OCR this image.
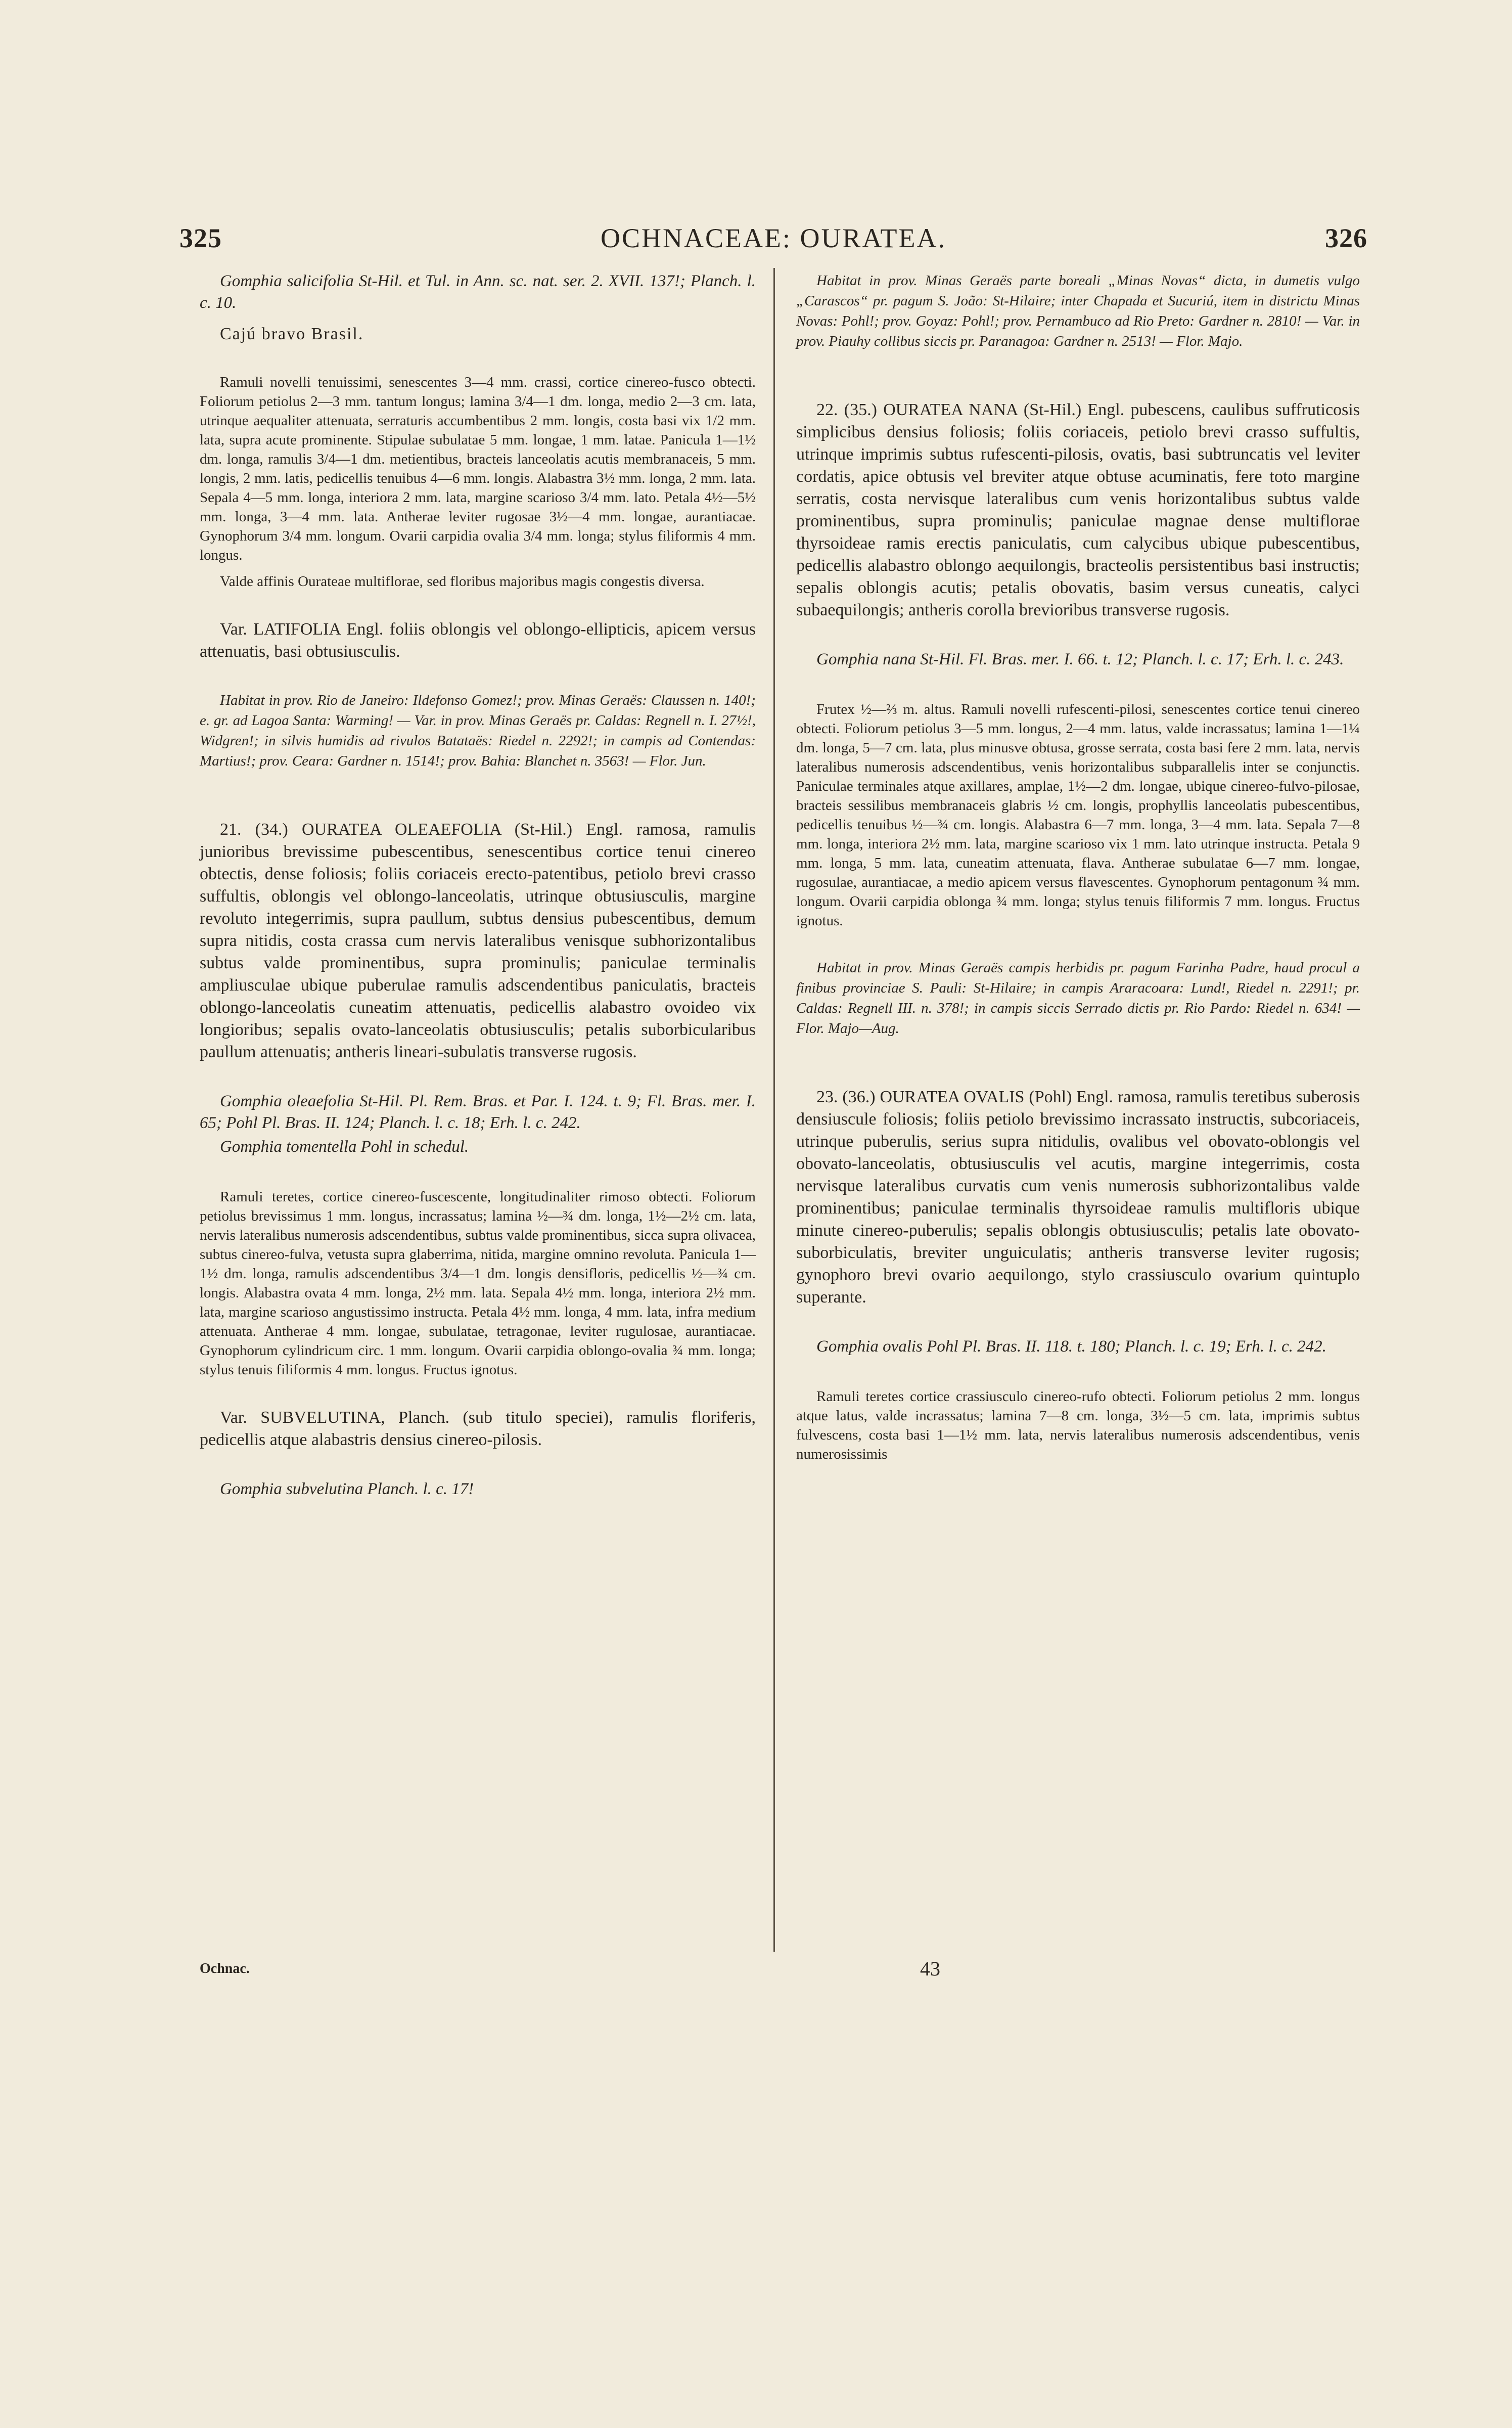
325	OCHNACEAE: OURATEA.	326

Gomphia salicifolia St-Hil. et Tul. in Ann. sc. nat. ser. 2. XVII. 137!; Planch. l. c. 10.

Cajú bravo Brasil.

Ramuli novelli tenuissimi, senescentes 3—4 mm. crassi, cortice cinereo-fusco obtecti. Foliorum petiolus 2—3 mm. tantum longus; lamina 3/4—1 dm. longa, medio 2—3 cm. lata, utrinque aequaliter attenuata, serraturis accumbentibus 2 mm. longis, costa basi vix 1/2 mm. lata, supra acute prominente. Stipulae subulatae 5 mm. longae, 1 mm. latae. Panicula 1—1½ dm. longa, ramulis 3/4—1 dm. metientibus, bracteis lanceolatis acutis membranaceis, 5 mm. longis, 2 mm. latis, pedicellis tenuibus 4—6 mm. longis. Alabastra 3½ mm. longa, 2 mm. lata. Sepala 4—5 mm. longa, interiora 2 mm. lata, margine scarioso 3/4 mm. lato. Petala 4½—5½ mm. longa, 3—4 mm. lata. Antherae leviter rugosae 3½—4 mm. longae, aurantiacae. Gynophorum 3/4 mm. longum. Ovarii carpidia ovalia 3/4 mm. longa; stylus filiformis 4 mm. longus.

Valde affinis Ourateae multiflorae, sed floribus majoribus magis congestis diversa.

Var. LATIFOLIA Engl. foliis oblongis vel oblongo-ellipticis, apicem versus attenuatis, basi obtusiusculis.

Habitat in prov. Rio de Janeiro: Ildefonso Gomez!; prov. Minas Geraës: Claussen n. 140!; e. gr. ad Lagoa Santa: Warming! — Var. in prov. Minas Geraës pr. Caldas: Regnell n. I. 27½!, Widgren!; in silvis humidis ad rivulos Batataës: Riedel n. 2292!; in campis ad Contendas: Martius!; prov. Ceara: Gardner n. 1514!; prov. Bahia: Blanchet n. 3563! — Flor. Jun.

21. (34.) OURATEA OLEAEFOLIA (St-Hil.) Engl. ramosa, ramulis junioribus brevissime pubescentibus, senescentibus cortice tenui cinereo obtectis, dense foliosis; foliis coriaceis erecto-patentibus, petiolo brevi crasso suffultis, oblongis vel oblongo-lanceolatis, utrinque obtusiusculis, margine revoluto integerrimis, supra paullum, subtus densius pubescentibus, demum supra nitidis, costa crassa cum nervis lateralibus venisque subhorizontalibus subtus valde prominentibus, supra prominulis; paniculae terminalis ampliusculae ubique puberulae ramulis adscendentibus paniculatis, bracteis oblongo-lanceolatis cuneatim attenuatis, pedicellis alabastro ovoideo vix longioribus; sepalis ovato-lanceolatis obtusiusculis; petalis suborbicularibus paullum attenuatis; antheris lineari-subulatis transverse rugosis.

Gomphia oleaefolia St-Hil. Pl. Rem. Bras. et Par. I. 124. t. 9; Fl. Bras. mer. I. 65; Pohl Pl. Bras. II. 124; Planch. l. c. 18; Erh. l. c. 242.

Gomphia tomentella Pohl in schedul.

Ramuli teretes, cortice cinereo-fuscescente, longitudinaliter rimoso obtecti. Foliorum petiolus brevissimus 1 mm. longus, incrassatus; lamina ½—¾ dm. longa, 1½—2½ cm. lata, nervis lateralibus numerosis adscendentibus, subtus valde prominentibus, sicca supra olivacea, subtus cinereo-fulva, vetusta supra glaberrima, nitida, margine omnino revoluta. Panicula 1—1½ dm. longa, ramulis adscendentibus 3/4—1 dm. longis densifloris, pedicellis ½—¾ cm. longis. Alabastra ovata 4 mm. longa, 2½ mm. lata. Sepala 4½ mm. longa, interiora 2½ mm. lata, margine scarioso angustissimo instructa. Petala 4½ mm. longa, 4 mm. lata, infra medium attenuata. Antherae 4 mm. longae, subulatae, tetragonae, leviter rugulosae, aurantiacae. Gynophorum cylindricum circ. 1 mm. longum. Ovarii carpidia oblongo-ovalia ¾ mm. longa; stylus tenuis filiformis 4 mm. longus. Fructus ignotus.

Var. SUBVELUTINA, Planch. (sub titulo speciei), ramulis floriferis, pedicellis atque alabastris densius cinereo-pilosis.

Gomphia subvelutina Planch. l. c. 17!

Habitat in prov. Minas Geraës parte boreali „Minas Novas“ dicta, in dumetis vulgo „Carascos“ pr. pagum S. João: St-Hilaire; inter Chapada et Sucuriú, item in districtu Minas Novas: Pohl!; prov. Goyaz: Pohl!; prov. Pernambuco ad Rio Preto: Gardner n. 2810! — Var. in prov. Piauhy collibus siccis pr. Paranagoa: Gardner n. 2513! — Flor. Majo.

22. (35.) OURATEA NANA (St-Hil.) Engl. pubescens, caulibus suffruticosis simplicibus densius foliosis; foliis coriaceis, petiolo brevi crasso suffultis, utrinque imprimis subtus rufescenti-pilosis, ovatis, basi subtruncatis vel leviter cordatis, apice obtusis vel breviter atque obtuse acuminatis, fere toto margine serratis, costa nervisque lateralibus cum venis horizontalibus subtus valde prominentibus, supra prominulis; paniculae magnae dense multiflorae thyrsoideae ramis erectis paniculatis, cum calycibus ubique pubescentibus, pedicellis alabastro oblongo aequilongis, bracteolis persistentibus basi instructis; sepalis oblongis acutis; petalis obovatis, basim versus cuneatis, calyci subaequilongis; antheris corolla brevioribus transverse rugosis.

Gomphia nana St-Hil. Fl. Bras. mer. I. 66. t. 12; Planch. l. c. 17; Erh. l. c. 243.

Frutex ½—⅔ m. altus. Ramuli novelli rufescenti-pilosi, senescentes cortice tenui cinereo obtecti. Foliorum petiolus 3—5 mm. longus, 2—4 mm. latus, valde incrassatus; lamina 1—1¼ dm. longa, 5—7 cm. lata, plus minusve obtusa, grosse serrata, costa basi fere 2 mm. lata, nervis lateralibus numerosis adscendentibus, venis horizontalibus subparallelis inter se conjunctis. Paniculae terminales atque axillares, amplae, 1½—2 dm. longae, ubique cinereo-fulvo-pilosae, bracteis sessilibus membranaceis glabris ½ cm. longis, prophyllis lanceolatis pubescentibus, pedicellis tenuibus ½—¾ cm. longis. Alabastra 6—7 mm. longa, 3—4 mm. lata. Sepala 7—8 mm. longa, interiora 2½ mm. lata, margine scarioso vix 1 mm. lato utrinque instructa. Petala 9 mm. longa, 5 mm. lata, cuneatim attenuata, flava. Antherae subulatae 6—7 mm. longae, rugosulae, aurantiacae, a medio apicem versus flavescentes. Gynophorum pentagonum ¾ mm. longum. Ovarii carpidia oblonga ¾ mm. longa; stylus tenuis filiformis 7 mm. longus. Fructus ignotus.

Habitat in prov. Minas Geraës campis herbidis pr. pagum Farinha Padre, haud procul a finibus provinciae S. Pauli: St-Hilaire; in campis Araracoara: Lund!, Riedel n. 2291!; pr. Caldas: Regnell III. n. 378!; in campis siccis Serrado dictis pr. Rio Pardo: Riedel n. 634! — Flor. Majo—Aug.

23. (36.) OURATEA OVALIS (Pohl) Engl. ramosa, ramulis teretibus suberosis densiuscule foliosis; foliis petiolo brevissimo incrassato instructis, subcoriaceis, utrinque puberulis, serius supra nitidulis, ovalibus vel obovato-oblongis vel obovato-lanceolatis, obtusiusculis vel acutis, margine integerrimis, costa nervisque lateralibus curvatis cum venis numerosis subhorizontalibus valde prominentibus; paniculae terminalis thyrsoideae ramulis multifloris ubique minute cinereo-puberulis; sepalis oblongis obtusiusculis; petalis late obovato-suborbiculatis, breviter unguiculatis; antheris transverse leviter rugosis; gynophoro brevi ovario aequilongo, stylo crassiusculo ovarium quintuplo superante.

Gomphia ovalis Pohl Pl. Bras. II. 118. t. 180; Planch. l. c. 19; Erh. l. c. 242.

Ramuli teretes cortice crassiusculo cinereo-rufo obtecti. Foliorum petiolus 2 mm. longus atque latus, valde incrassatus; lamina 7—8 cm. longa, 3½—5 cm. lata, imprimis subtus fulvescens, costa basi 1—1½ mm. lata, nervis lateralibus numerosis adscendentibus, venis numerosissimis

Ochnac.	43
